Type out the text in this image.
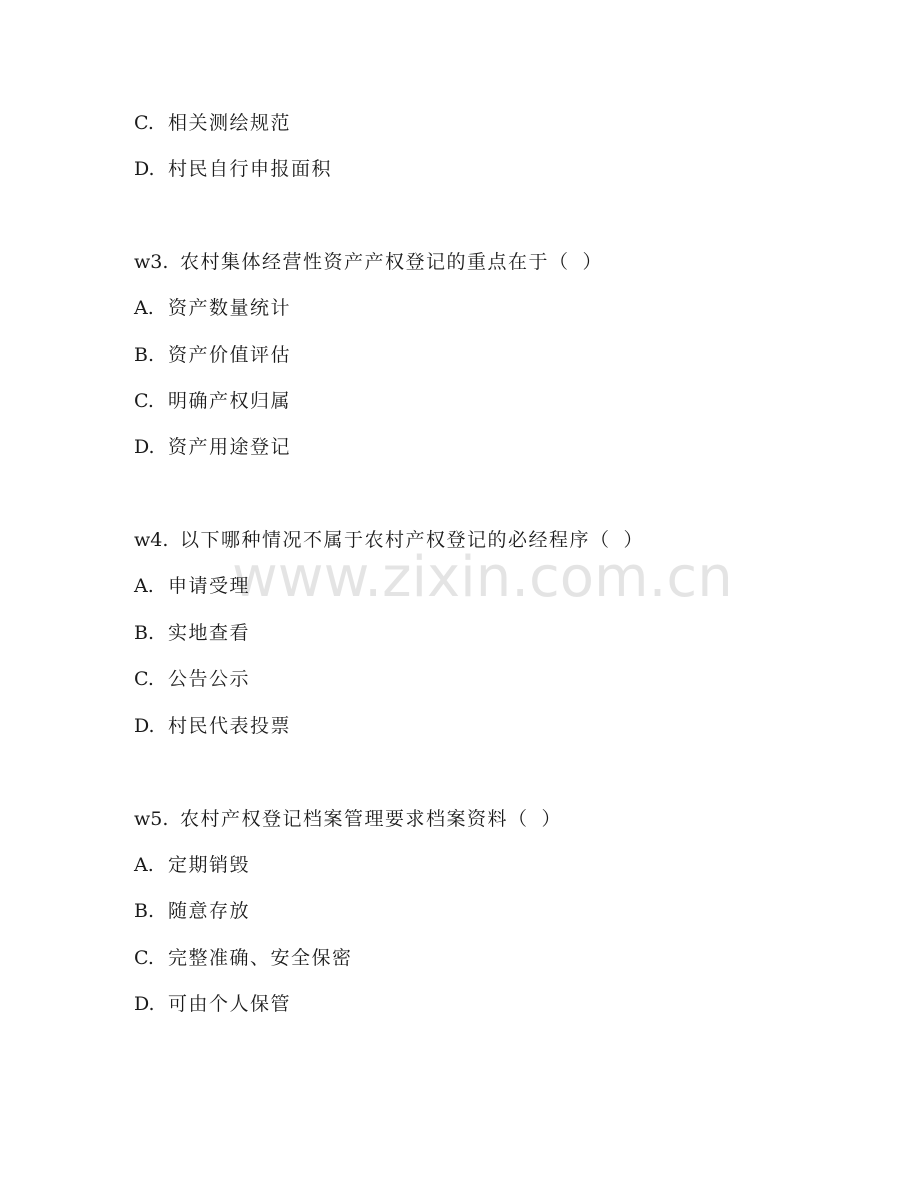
C. 相关测绘规范
D. 村民自行申报面积
w3. 农村集体经营性资产产权登记的重点在于（ ）
A. 资产数量统计
B. 资产价值评估
C. 明确产权归属
D. 资产用途登记
w4. 以下哪种情况不属于农村产权登记的必经程序（ ）
A. 申请受理
B. 实地查看
C. 公告公示
D. 村民代表投票
w5. 农村产权登记档案管理要求档案资料（ ）
A. 定期销毁
B. 随意存放
C. 完整准确、安全保密
D. 可由个人保管
www.zixin.com.cn
